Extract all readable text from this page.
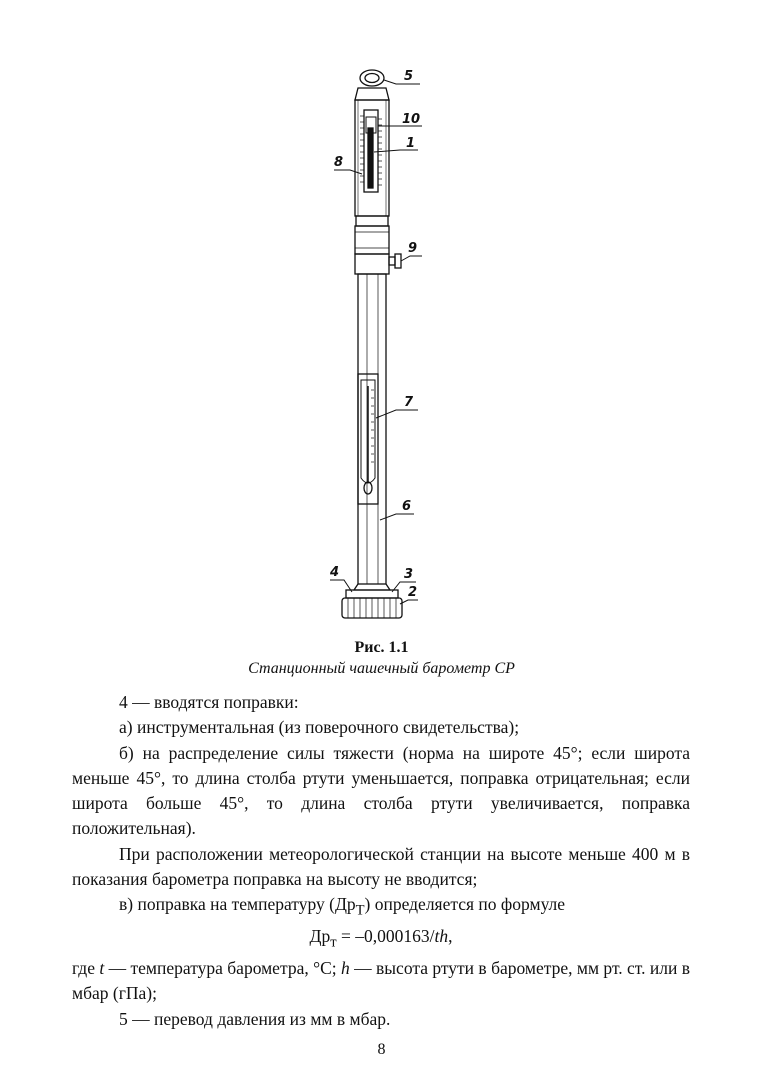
5
10
1
8
9
7
6
4	3
2
Рис. 1.1
Станционный чашечный барометр СР

4 — вводятся поправки:

а) инструментальная (из поверочного свидетельства);

б) на распределение силы тяжести (норма на широте 45°; если широта меньше 45°, то длина столба ртути уменьшается, поправка отрицательная; если широта больше 45°, то длина столба ртути увеличивается, поправка положительная).

При расположении метеорологической станции на высоте меньше 400 м в показания барометра поправка на высоту не вводится;

в) поправка на температуру $(Др_Т)$ определяется по формуле

$Др_т = -0,000163/th$,

где t — температура барометра, °С; h — высота ртути в барометре, мм рт. ст. или в мбар (гПа);

5 — перевод давления из мм в мбар.

8
